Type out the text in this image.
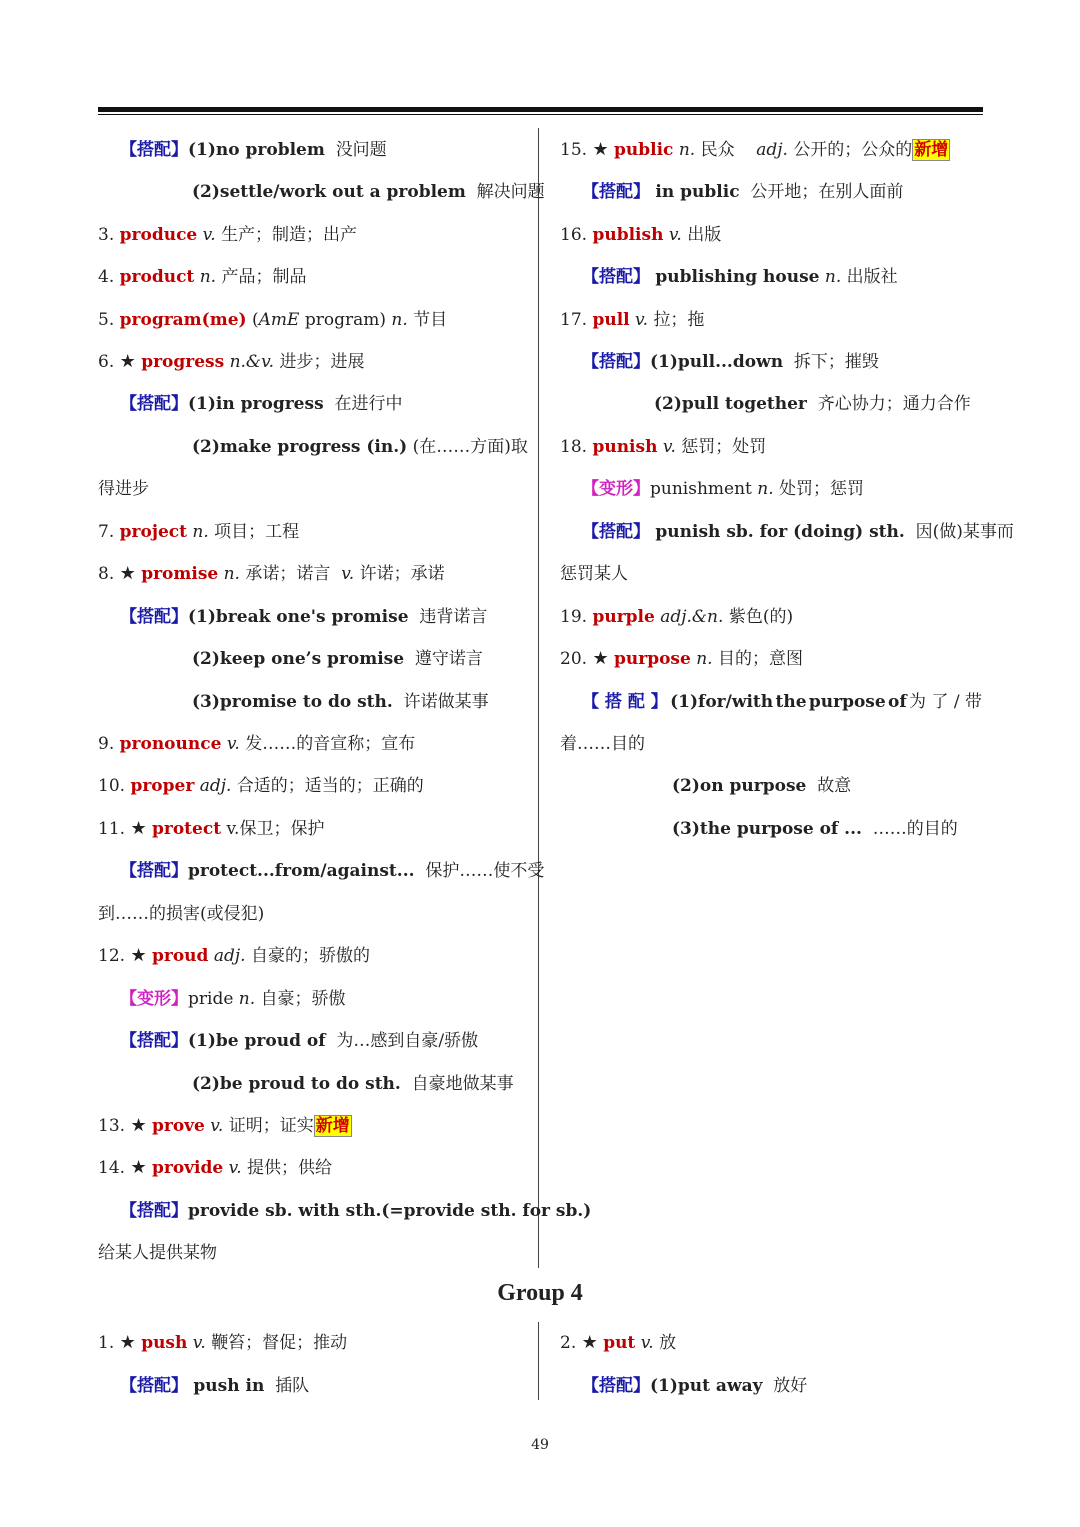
【搭配】(1)no problem 没问题
(2)settle/work out a problem 解决问题
3. produce v. 生产；制造；出产
4. product n. 产品；制品
5. program(me) (AmE program) n. 节目
6. ★ progress n.&v. 进步；进展
【搭配】(1)in progress 在进行中
(2)make progress (in.) (在……方面)取
得进步
7. project n. 项目；工程
8. ★ promise n. 承诺；诺言 v. 许诺；承诺
【搭配】(1)break one's promise 违背诺言
(2)keep one’s promise 遵守诺言
(3)promise to do sth. 许诺做某事
9. pronounce v. 发……的音宣称；宣布
10. proper adj. 合适的；适当的；正确的
11. ★ protect v.保卫；保护
【搭配】protect...from/against... 保护……使不受
到……的损害(或侵犯)
12. ★ proud adj. 自豪的；骄傲的
【变形】pride n. 自豪；骄傲
【搭配】(1)be proud of 为…感到自豪/骄傲
(2)be proud to do sth. 自豪地做某事
13. ★ prove v. 证明；证实 新增
14. ★ provide v. 提供；供给
【搭配】provide sb. with sth.(=provide sth. for sb.)
给某人提供某物
15. ★ public n. 民众 adj. 公开的；公众的 新增
【搭配】 in public 公开地；在别人面前
16. publish v. 出版
【搭配】 publishing house n. 出版社
17. pull v. 拉；拖
【搭配】(1)pull...down 拆下；摧毁
(2)pull together 齐心协力；通力合作
18. punish v. 惩罚；处罚
【变形】punishment n. 处罚；惩罚
【搭配】 punish sb. for (doing) sth. 因(做)某事而
惩罚某人
19. purple adj.&n. 紫色(的)
20. ★ purpose n. 目的；意图
【 搭 配 】 (1)for/with the purpose of 为 了 / 带
着……目的
(2)on purpose 故意
(3)the purpose of ... ……的目的
Group 4
1. ★ push v. 鞭笞；督促；推动
【搭配】 push in 插队
2. ★ put v. 放
【搭配】(1)put away 放好
49
